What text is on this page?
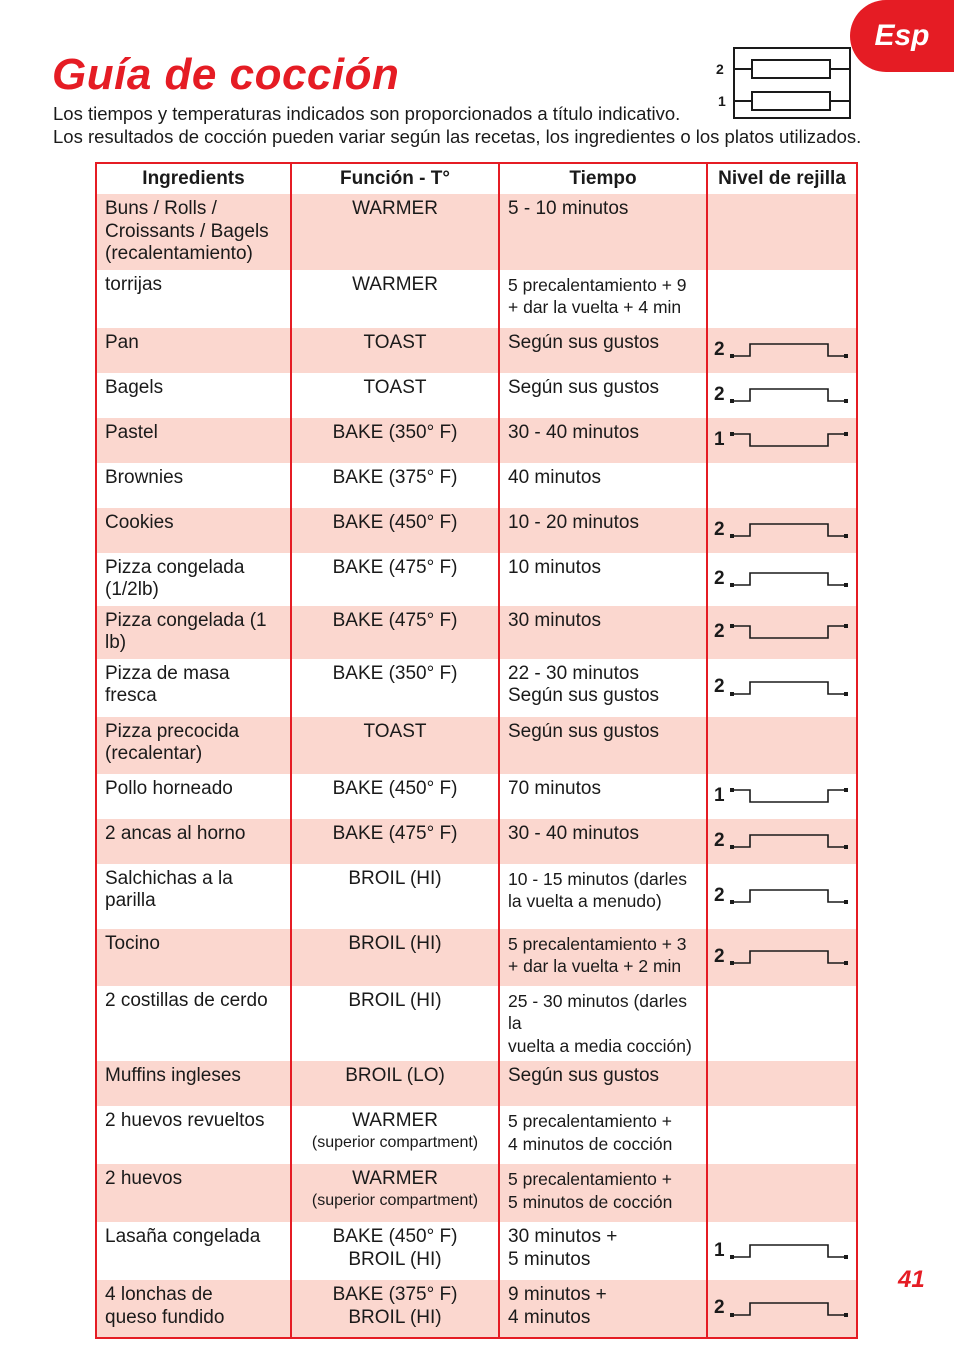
Esp
Guía de cocción	2
1

Los tiempos y temperaturas indicados son proporcionados a título indicativo.
Los resultados de cocción pueden variar según las recetas, los ingredientes o los platos utilizados.

Ingredients	Función - T°	Tiempo	Nivel de rejilla
Buns / Rolls /
Croissants / Bagels
(recalentamiento)	WARMER	5 - 10 minutos	
torrijas	WARMER	5 precalentamiento + 9
+ dar la vuelta + 4 min	
Pan	TOAST	Según sus gustos	2

Bagels	TOAST	Según sus gustos	2

Pastel	BAKE (350° F)	30 - 40 minutos	1

Brownies	BAKE (375° F)	40 minutos	
Cookies	BAKE (450° F)	10 - 20 minutos	2

Pizza congelada (1/2lb)	BAKE (475° F)	10 minutos	2

Pizza congelada (1 lb)	BAKE (475° F)	30 minutos	2

Pizza de masa
fresca	BAKE (350° F)	22 - 30 minutos
Según sus gustos	2

Pizza precocida
(recalentar)	TOAST	Según sus gustos	
Pollo horneado	BAKE (450° F)	70 minutos	1

2 ancas al horno	BAKE (475° F)	30 - 40 minutos	2

Salchichas a la
parilla	BROIL (HI)	10 - 15 minutos (darles
la vuelta a menudo)	2

Tocino	BROIL (HI)	5 precalentamiento + 3
+ dar la vuelta + 2 min	2

2 costillas de cerdo	BROIL (HI)	25 - 30 minutos (darles la
vuelta a media cocción)	
Muffins ingleses	BROIL (LO)	Según sus gustos	
2 huevos revueltos	WARMER
(superior compartment)	5 precalentamiento +
4 minutos de cocción	
2 huevos	WARMER
(superior compartment)	5 precalentamiento +
5 minutos de cocción	
Lasaña congelada	BAKE (450° F)
BROIL (HI)	30 minutos +
5 minutos	1

4 lonchas de
queso fundido	BAKE (375° F)
BROIL (HI)	9 minutos +
4 minutos	2
41
